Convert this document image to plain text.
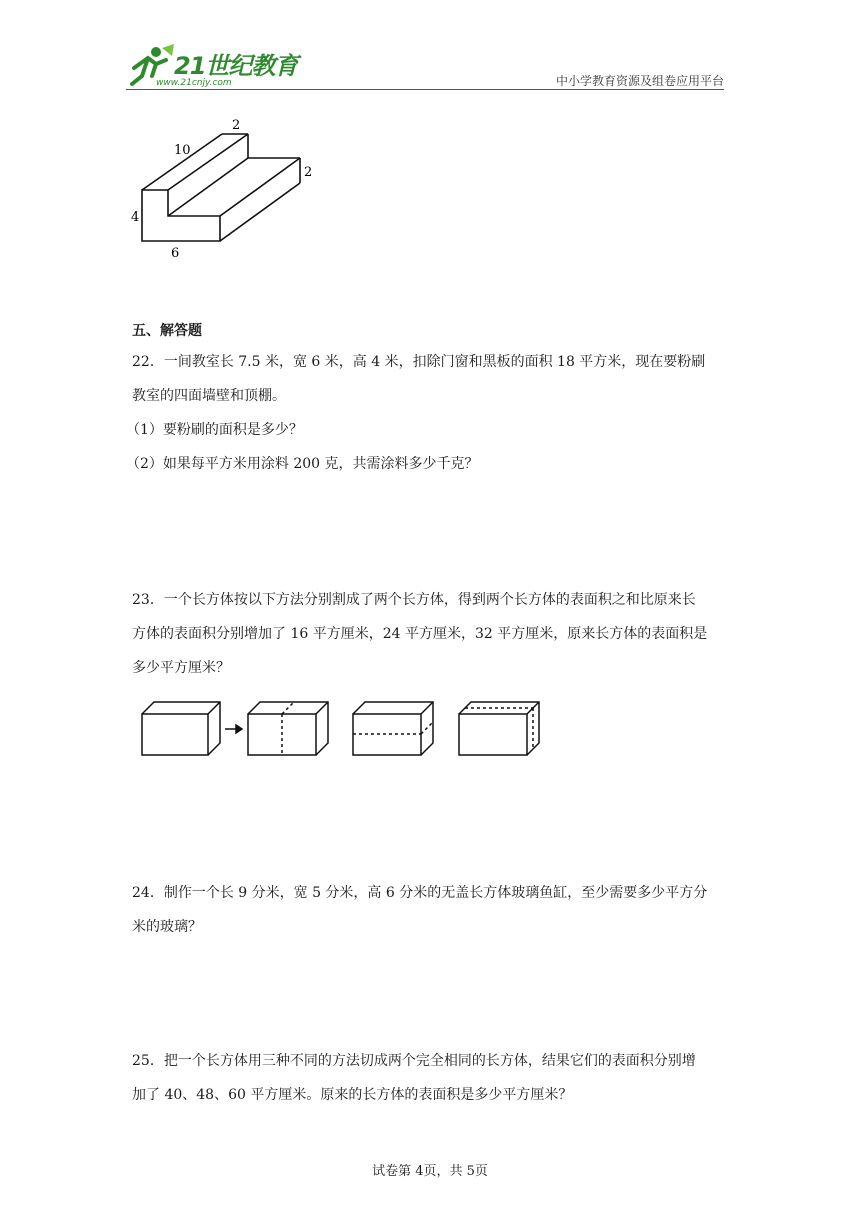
21世纪教育
www.21cnjy.com	中小学教育资源及组卷应用平台
2
10
2
4
6
五、解答题
22．一间教室长 7.5 米，宽 6 米，高 4 米，扣除门窗和黑板的面积 18 平方米，现在要粉刷
教室的四面墙壁和顶棚。
（1）要粉刷的面积是多少？
（2）如果每平方米用涂料 200 克，共需涂料多少千克？
23．一个长方体按以下方法分别割成了两个长方体，得到两个长方体的表面积之和比原来长
方体的表面积分别增加了 16 平方厘米，24 平方厘米，32 平方厘米，原来长方体的表面积是
多少平方厘米？
24．制作一个长 9 分米，宽 5 分米，高 6 分米的无盖长方体玻璃鱼缸，至少需要多少平方分
米的玻璃？
25．把一个长方体用三种不同的方法切成两个完全相同的长方体，结果它们的表面积分别增
加了 40、48、60 平方厘米。原来的长方体的表面积是多少平方厘米？
试卷第 4页，共 5页
